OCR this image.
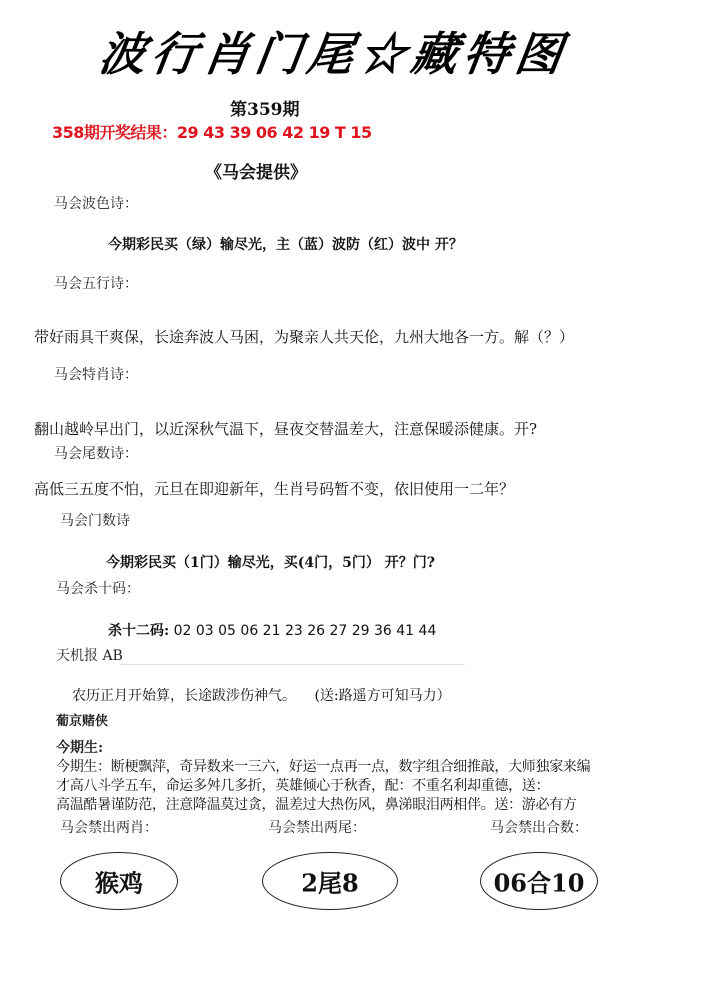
波行肖门尾☆藏特图
第359期
358期开奖结果：29 43 39 06 42 19 T 15
《马会提供》
马会波色诗：
今期彩民买（绿）输尽光，主（蓝）波防（红）波中 开？
马会五行诗：
带好雨具干爽保，长途奔波人马困，为聚亲人共天伦，九州大地各一方。解（？）
马会特肖诗：
翻山越岭早出门，以近深秋气温下，昼夜交替温差大，注意保暖添健康。开?
马会尾数诗：
高低三五度不怕，元旦在即迎新年，生肖号码暂不变，依旧使用一二年？
马会门数诗
今期彩民买（1门）输尽光，买(4门，5门） 开？门?
马会杀十码：
杀十二码: 02 03 05 06 21 23 26 27 29 36 41 44
天机报 AB
农历正月开始算，长途跋涉伤神气。 (送:路遥方可知马力）
葡京赌侠
今期生:
今期生：断梗飘萍，奇异数来一三六，好运一点再一点，数字组合细推敲，大师独家来编
才高八斗学五车，命运多舛几多折，英雄倾心于秋香，配：不重名利却重德，送：
高温酷暑谨防范，注意降温莫过贪，温差过大热伤风，鼻涕眼泪两相伴。送：游必有方
马会禁出两肖：	马会禁出两尾：	马会禁出合数：
猴鸡	2尾8	06合10
